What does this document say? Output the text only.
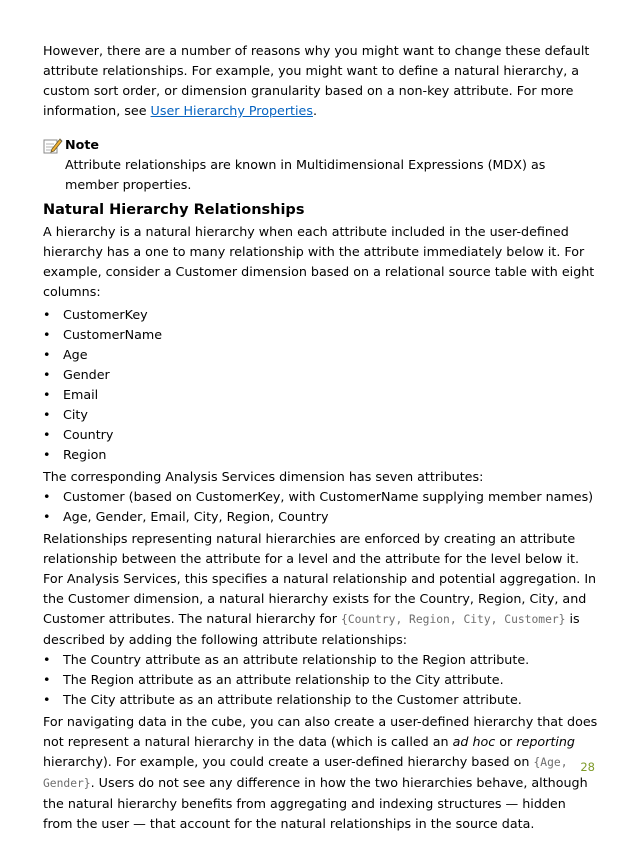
However, there are a number of reasons why you might want to change these default attribute relationships. For example, you might want to define a natural hierarchy, a custom sort order, or dimension granularity based on a non-key attribute. For more information, see User Hierarchy Properties.

Note
Attribute relationships are known in Multidimensional Expressions (MDX) as member properties.
Natural Hierarchy Relationships

A hierarchy is a natural hierarchy when each attribute included in the user-defined hierarchy has a one to many relationship with the attribute immediately below it. For example, consider a Customer dimension based on a relational source table with eight columns:

• CustomerKey
• CustomerName
• Age
• Gender
• Email
• City
• Country
• Region

The corresponding Analysis Services dimension has seven attributes:

• Customer (based on CustomerKey, with CustomerName supplying member names)
• Age, Gender, Email, City, Region, Country

Relationships representing natural hierarchies are enforced by creating an attribute relationship between the attribute for a level and the attribute for the level below it. For Analysis Services, this specifies a natural relationship and potential aggregation. In the Customer dimension, a natural hierarchy exists for the Country, Region, City, and Customer attributes. The natural hierarchy for {Country, Region, City, Customer} is described by adding the following attribute relationships:

• The Country attribute as an attribute relationship to the Region attribute.
• The Region attribute as an attribute relationship to the City attribute.
• The City attribute as an attribute relationship to the Customer attribute.

For navigating data in the cube, you can also create a user-defined hierarchy that does not represent a natural hierarchy in the data (which is called an ad hoc or reporting hierarchy). For example, you could create a user-defined hierarchy based on {Age, Gender}. Users do not see any difference in how the two hierarchies behave, although the natural hierarchy benefits from aggregating and indexing structures — hidden from the user — that account for the natural relationships in the source data.

28
